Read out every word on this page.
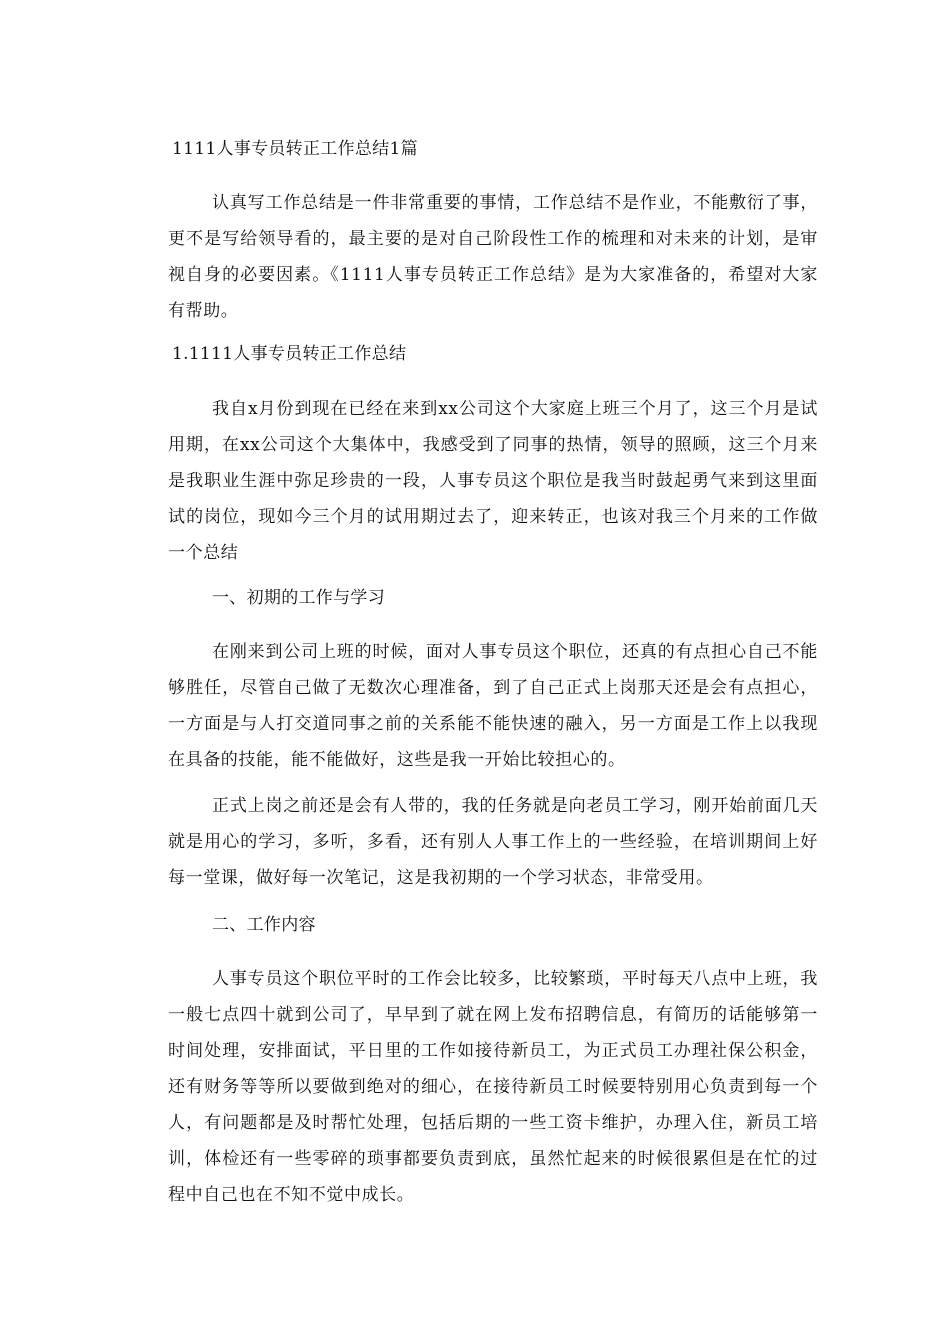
1111人事专员转正工作总结1篇

认真写工作总结是一件非常重要的事情，工作总结不是作业，不能敷衍了事，更不是写给领导看的，最主要的是对自己阶段性工作的梳理和对未来的计划，是审视自身的必要因素。《1111人事专员转正工作总结》是为大家准备的，希望对大家有帮助。

1.1111人事专员转正工作总结

我自x月份到现在已经在来到xx公司这个大家庭上班三个月了，这三个月是试用期，在xx公司这个大集体中，我感受到了同事的热情，领导的照顾，这三个月来是我职业生涯中弥足珍贵的一段，人事专员这个职位是我当时鼓起勇气来到这里面试的岗位，现如今三个月的试用期过去了，迎来转正，也该对我三个月来的工作做一个总结

一、初期的工作与学习

在刚来到公司上班的时候，面对人事专员这个职位，还真的有点担心自己不能够胜任，尽管自己做了无数次心理准备，到了自己正式上岗那天还是会有点担心，一方面是与人打交道同事之前的关系能不能快速的融入，另一方面是工作上以我现在具备的技能，能不能做好，这些是我一开始比较担心的。

正式上岗之前还是会有人带的，我的任务就是向老员工学习，刚开始前面几天就是用心的学习，多听，多看，还有别人人事工作上的一些经验，在培训期间上好每一堂课，做好每一次笔记，这是我初期的一个学习状态，非常受用。

二、工作内容

人事专员这个职位平时的工作会比较多，比较繁琐，平时每天八点中上班，我一般七点四十就到公司了，早早到了就在网上发布招聘信息，有简历的话能够第一时间处理，安排面试，平日里的工作如接待新员工，为正式员工办理社保公积金，还有财务等等所以要做到绝对的细心，在接待新员工时候要特别用心负责到每一个人，有问题都是及时帮忙处理，包括后期的一些工资卡维护，办理入住，新员工培训，体检还有一些零碎的琐事都要负责到底，虽然忙起来的时候很累但是在忙的过程中自己也在不知不觉中成长。
